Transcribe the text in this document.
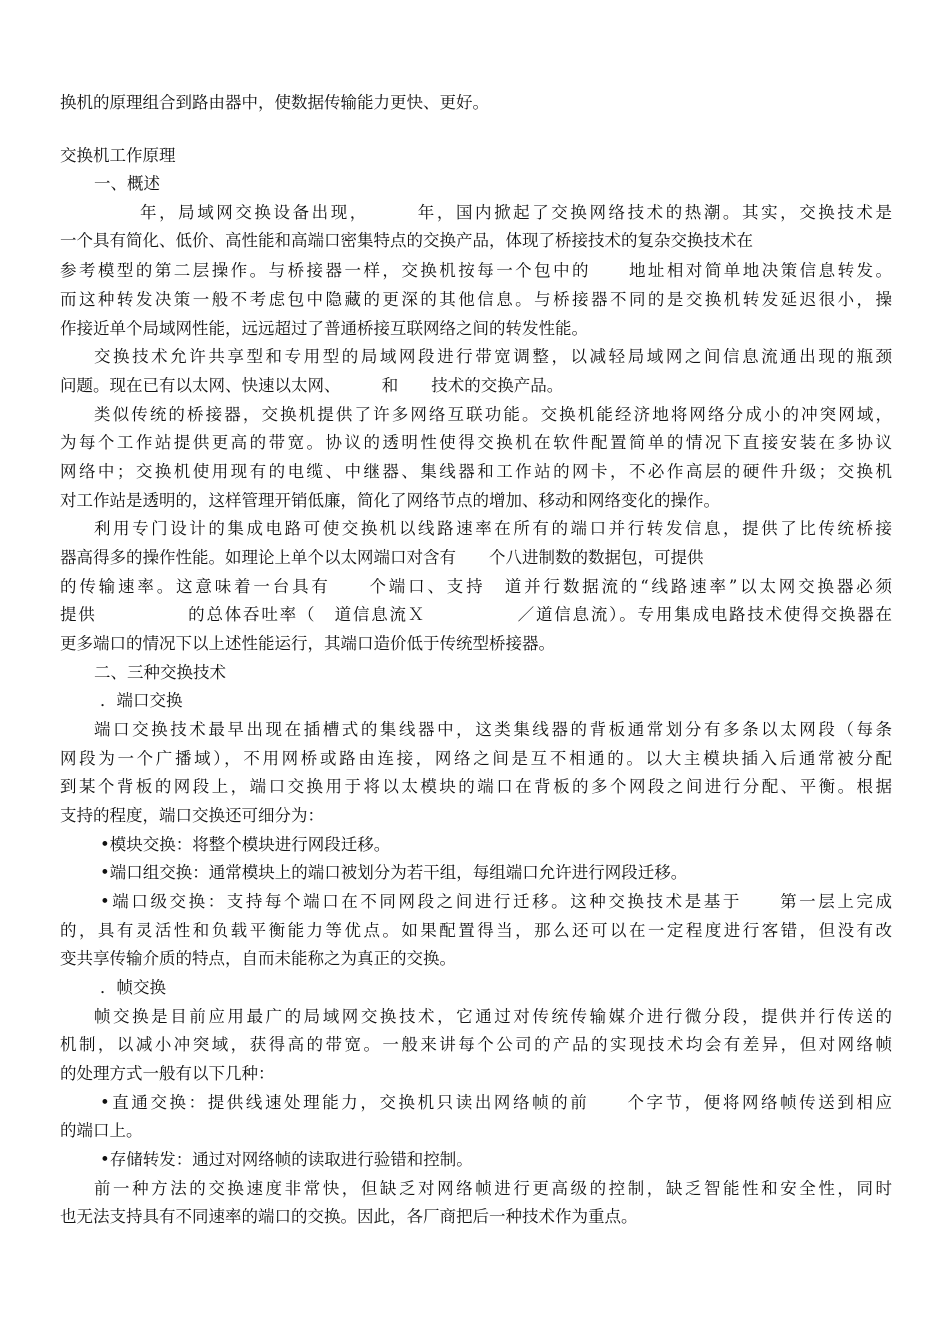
换机的原理组合到路由器中，使数据传输能力更快、更好。
交换机工作原理
一、概述
年，局域网交换设备出现，　　　年，国内掀起了交换网络技术的热潮。其实，交换技术是
一个具有简化、低价、高性能和高端口密集特点的交换产品，体现了桥接技术的复杂交换技术在
参考模型的第二层操作。与桥接器一样，交换机按每一个包中的　　地址相对简单地决策信息转发。
而这种转发决策一般不考虑包中隐藏的更深的其他信息。与桥接器不同的是交换机转发延迟很小，操
作接近单个局域网性能，远远超过了普通桥接互联网络之间的转发性能。
交换技术允许共享型和专用型的局域网段进行带宽调整，以减轻局域网之间信息流通出现的瓶颈
问题。现在已有以太网、快速以太网、　　　和　　技术的交换产品。
类似传统的桥接器，交换机提供了许多网络互联功能。交换机能经济地将网络分成小的冲突网域，
为每个工作站提供更高的带宽。协议的透明性使得交换机在软件配置简单的情况下直接安装在多协议
网络中；交换机使用现有的电缆、中继器、集线器和工作站的网卡，不必作高层的硬件升级；交换机
对工作站是透明的，这样管理开销低廉，简化了网络节点的增加、移动和网络变化的操作。
利用专门设计的集成电路可使交换机以线路速率在所有的端口并行转发信息，提供了比传统桥接
器高得多的操作性能。如理论上单个以太网端口对含有　　个八进制数的数据包，可提供
的传输速率。这意味着一台具有　　个端口、支持　道并行数据流的“线路速率”以太网交换器必须
提供　　　　　的总体吞吐率（　道信息流Ｘ　　　　　／道信息流）。专用集成电路技术使得交换器在
更多端口的情况下以上述性能运行，其端口造价低于传统型桥接器。
二、三种交换技术
．端口交换
端口交换技术最早出现在插槽式的集线器中，这类集线器的背板通常划分有多条以太网段（每条
网段为一个广播域），不用网桥或路由连接，网络之间是互不相通的。以大主模块插入后通常被分配
到某个背板的网段上，端口交换用于将以太模块的端口在背板的多个网段之间进行分配、平衡。根据
支持的程度，端口交换还可细分为：
•模块交换：将整个模块进行网段迁移。
•端口组交换：通常模块上的端口被划分为若干组，每组端口允许进行网段迁移。
•端口级交换：支持每个端口在不同网段之间进行迁移。这种交换技术是基于　　第一层上完成
的，具有灵活性和负载平衡能力等优点。如果配置得当，那么还可以在一定程度进行客错，但没有改
变共享传输介质的特点，自而未能称之为真正的交换。
．帧交换
帧交换是目前应用最广的局域网交换技术，它通过对传统传输媒介进行微分段，提供并行传送的
机制，以减小冲突域，获得高的带宽。一般来讲每个公司的产品的实现技术均会有差异，但对网络帧
的处理方式一般有以下几种：
•直通交换：提供线速处理能力，交换机只读出网络帧的前　　个字节，便将网络帧传送到相应
的端口上。
•存储转发：通过对网络帧的读取进行验错和控制。
前一种方法的交换速度非常快，但缺乏对网络帧进行更高级的控制，缺乏智能性和安全性，同时
也无法支持具有不同速率的端口的交换。因此，各厂商把后一种技术作为重点。
